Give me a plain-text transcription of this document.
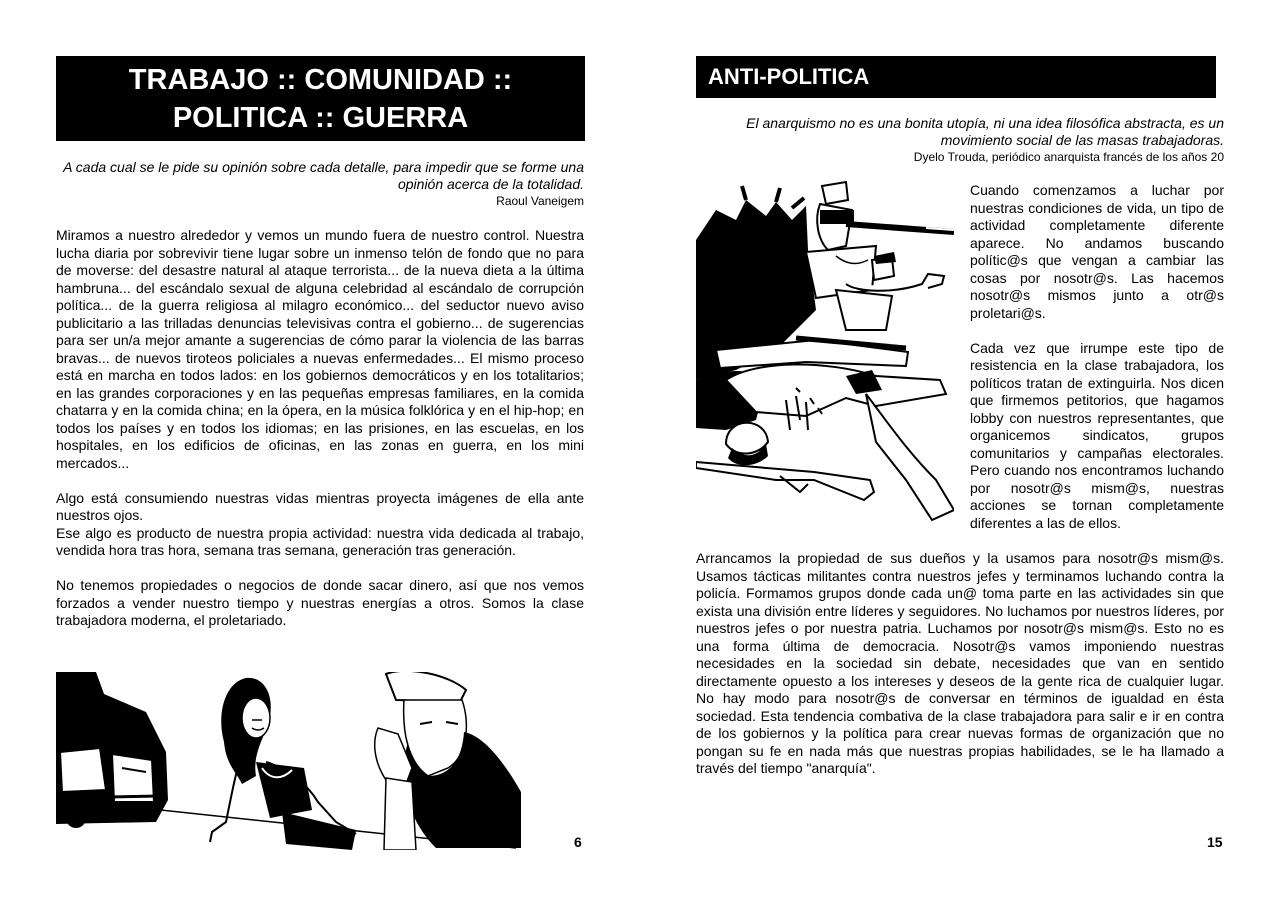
TRABAJO :: COMUNIDAD ::
POLITICA :: GUERRA
A cada cual se le pide su opinión sobre cada detalle, para impedir que se forme una opinión acerca de la totalidad.
Raoul Vaneigem

Miramos a nuestro alrededor y vemos un mundo fuera de nuestro control. Nuestra lucha diaria por sobrevivir tiene lugar sobre un inmenso telón de fondo que no para de moverse: del desastre natural al ataque terrorista... de la nueva dieta a la última hambruna... del escándalo sexual de alguna celebridad al escándalo de corrupción política... de la guerra religiosa al milagro económico... del seductor nuevo aviso publicitario a las trilladas denuncias televisivas contra el gobierno... de sugerencias para ser un/a mejor amante a sugerencias de cómo parar la violencia de las barras bravas... de nuevos tiroteos policiales a nuevas enfermedades... El mismo proceso está en marcha en todos lados: en los gobiernos democráticos y en los totalitarios; en las grandes corporaciones y en las pequeñas empresas familiares, en la comida chatarra y en la comida china; en la ópera, en la música folklórica y en el hip-hop; en todos los países y en todos los idiomas; en las prisiones, en las escuelas, en los hospitales, en los edificios de oficinas, en las zonas en guerra, en los mini mercados...

Algo está consumiendo nuestras vidas mientras proyecta imágenes de ella ante nuestros ojos.

Ese algo es producto de nuestra propia actividad: nuestra vida dedicada al trabajo, vendida hora tras hora, semana tras semana, generación tras generación.

No tenemos propiedades o negocios de donde sacar dinero, así que nos vemos forzados a vender nuestro tiempo y nuestras energías a otros. Somos la clase trabajadora moderna, el proletariado.

6
ANTI-POLITICA
El anarquismo no es una bonita utopía, ni una idea filosófica abstracta, es un movimiento social de las masas trabajadoras.
Dyelo Trouda, periódico anarquista francés de los años 20

Cuando comenzamos a luchar por nuestras condiciones de vida, un tipo de actividad completamente diferente aparece. No andamos buscando polític@s que vengan a cambiar las cosas por nosotr@s. Las hacemos nosotr@s mismos junto a otr@s proletari@s.

Cada vez que irrumpe este tipo de resistencia en la clase trabajadora, los políticos tratan de extinguirla. Nos dicen que firmemos petitorios, que hagamos lobby con nuestros representantes, que organicemos sindicatos, grupos comunitarios y campañas electorales. Pero cuando nos encontramos luchando por nosotr@s mism@s, nuestras acciones se tornan completamente diferentes a las de ellos.

Arrancamos la propiedad de sus dueños y la usamos para nosotr@s mism@s. Usamos tácticas militantes contra nuestros jefes y terminamos luchando contra la policía. Formamos grupos donde cada un@ toma parte en las actividades sin que exista una división entre líderes y seguidores. No luchamos por nuestros líderes, por nuestros jefes o por nuestra patria. Luchamos por nosotr@s mism@s. Esto no es una forma última de democracia. Nosotr@s vamos imponiendo nuestras necesidades en la sociedad sin debate, necesidades que van en sentido directamente opuesto a los intereses y deseos de la gente rica de cualquier lugar. No hay modo para nosotr@s de conversar en términos de igualdad en ésta sociedad. Esta tendencia combativa de la clase trabajadora para salir e ir en contra de los gobiernos y la política para crear nuevas formas de organización que no pongan su fe en nada más que nuestras propias habilidades, se le ha llamado a través del tiempo "anarquía".

15
